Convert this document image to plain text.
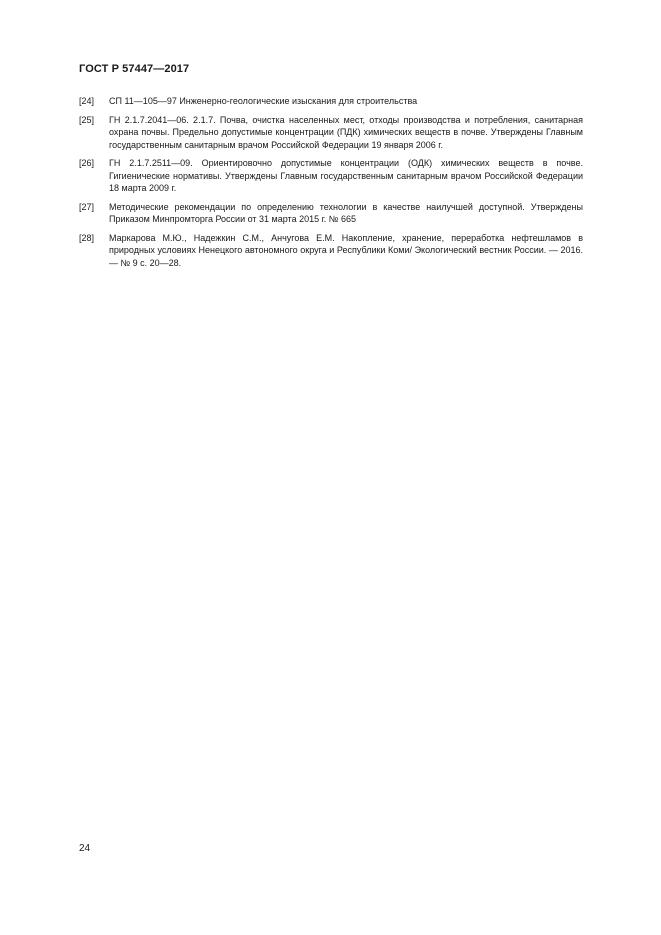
ГОСТ Р 57447—2017
[24]	СП 11—105—97 Инженерно-геологические изыскания для строительства
[25]	ГН 2.1.7.2041—06. 2.1.7. Почва, очистка населенных мест, отходы производства и потребления, санитарная охрана почвы. Предельно допустимые концентрации (ПДК) химических веществ в почве. Утверждены Главным государственным санитарным врачом Российской Федерации 19 января 2006 г.
[26]	ГН 2.1.7.2511—09. Ориентировочно допустимые концентрации (ОДК) химических веществ в почве. Гигиенические нормативы. Утверждены Главным государственным санитарным врачом Российской Федерации 18 марта 2009 г.
[27]	Методические рекомендации по определению технологии в качестве наилучшей доступной. Утверждены Приказом Минпромторга России от 31 марта 2015 г. № 665
[28]	Маркарова М.Ю., Надежкин С.М., Анчугова Е.М. Накопление, хранение, переработка нефтешламов в природных условиях Ненецкого автономного округа и Республики Коми/ Экологический вестник России. — 2016.— № 9 с. 20—28.
24
